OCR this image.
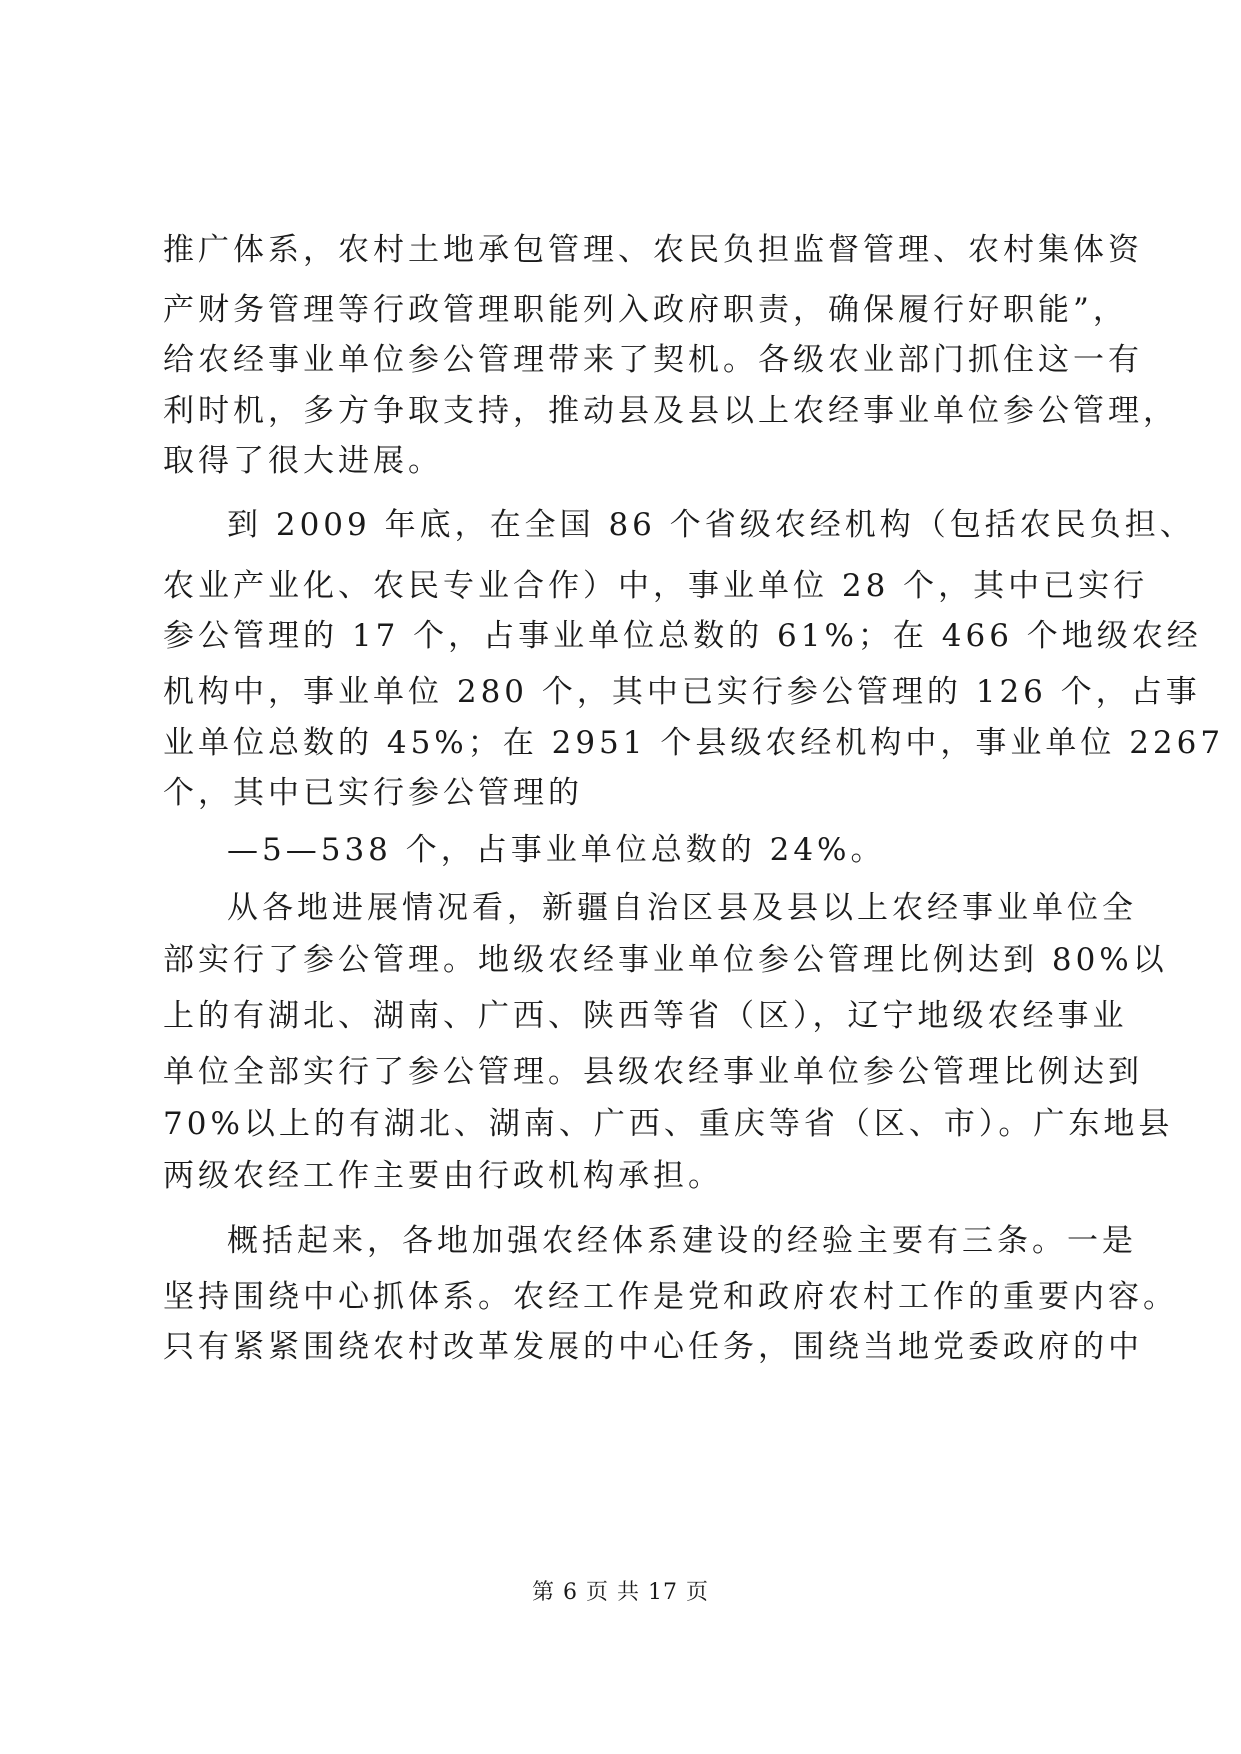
推广体系，农村土地承包管理、农民负担监督管理、农村集体资
产财务管理等行政管理职能列入政府职责，确保履行好职能”，
给农经事业单位参公管理带来了契机。各级农业部门抓住这一有
利时机，多方争取支持，推动县及县以上农经事业单位参公管理，
取得了很大进展。
到 2009 年底，在全国 86 个省级农经机构（包括农民负担、
农业产业化、农民专业合作）中，事业单位 28 个，其中已实行
参公管理的 17 个，占事业单位总数的 61%；在 466 个地级农经
机构中，事业单位 280 个，其中已实行参公管理的 126 个，占事
业单位总数的 45%；在 2951 个县级农经机构中，事业单位 2267
个，其中已实行参公管理的
—5—538 个，占事业单位总数的 24%。
从各地进展情况看，新疆自治区县及县以上农经事业单位全
部实行了参公管理。地级农经事业单位参公管理比例达到 80%以
上的有湖北、湖南、广西、陕西等省（区），辽宁地级农经事业
单位全部实行了参公管理。县级农经事业单位参公管理比例达到
70%以上的有湖北、湖南、广西、重庆等省（区、市）。广东地县
两级农经工作主要由行政机构承担。
概括起来，各地加强农经体系建设的经验主要有三条。一是
坚持围绕中心抓体系。农经工作是党和政府农村工作的重要内容。
只有紧紧围绕农村改革发展的中心任务，围绕当地党委政府的中
第 6 页 共 17 页
